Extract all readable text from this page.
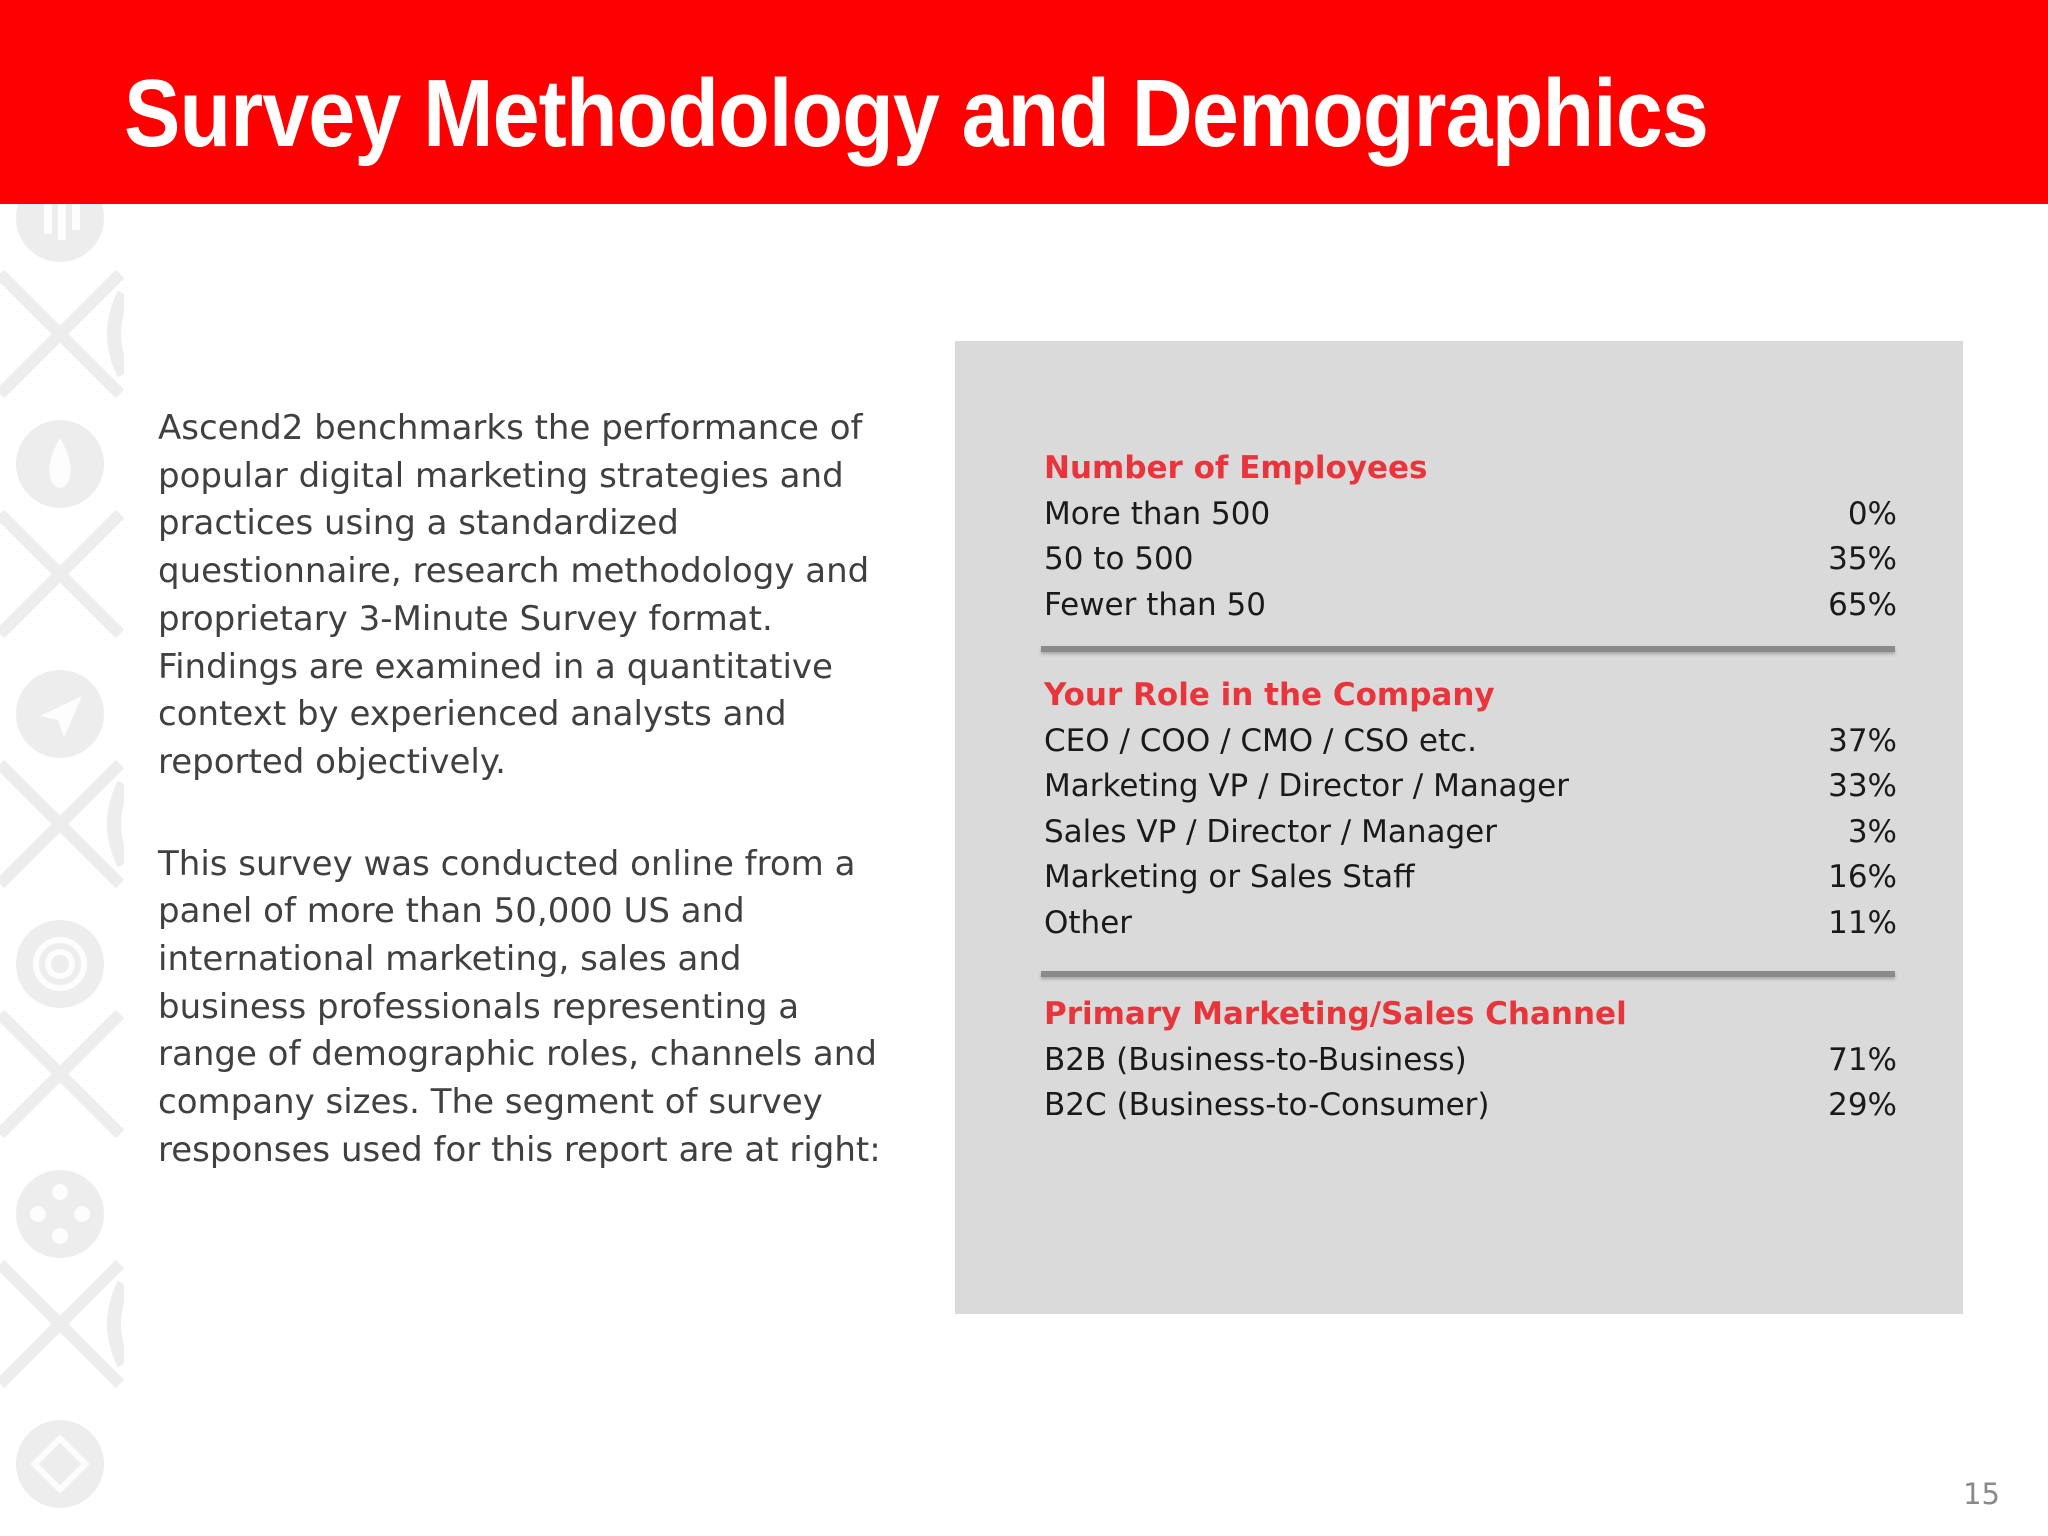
Survey Methodology and Demographics

Ascend2 benchmarks the performance of popular digital marketing strategies and practices using a standardized questionnaire, research methodology and proprietary 3-Minute Survey format. Findings are examined in a quantitative context by experienced analysts and reported objectively.

This survey was conducted online from a panel of more than 50,000 US and international marketing, sales and business professionals representing a range of demographic roles, channels and company sizes. The segment of survey responses used for this report are at right:

Number of Employees
More than 500	0%
50 to 500	35%
Fewer than 50	65%
Your Role in the Company
CEO / COO / CMO / CSO etc.	37%
Marketing VP / Director / Manager	33%
Sales VP / Director / Manager	3%
Marketing or Sales Staff	16%
Other	11%
Primary Marketing/Sales Channel
B2B (Business-to-Business)	71%
B2C (Business-to-Consumer)	29%
15
